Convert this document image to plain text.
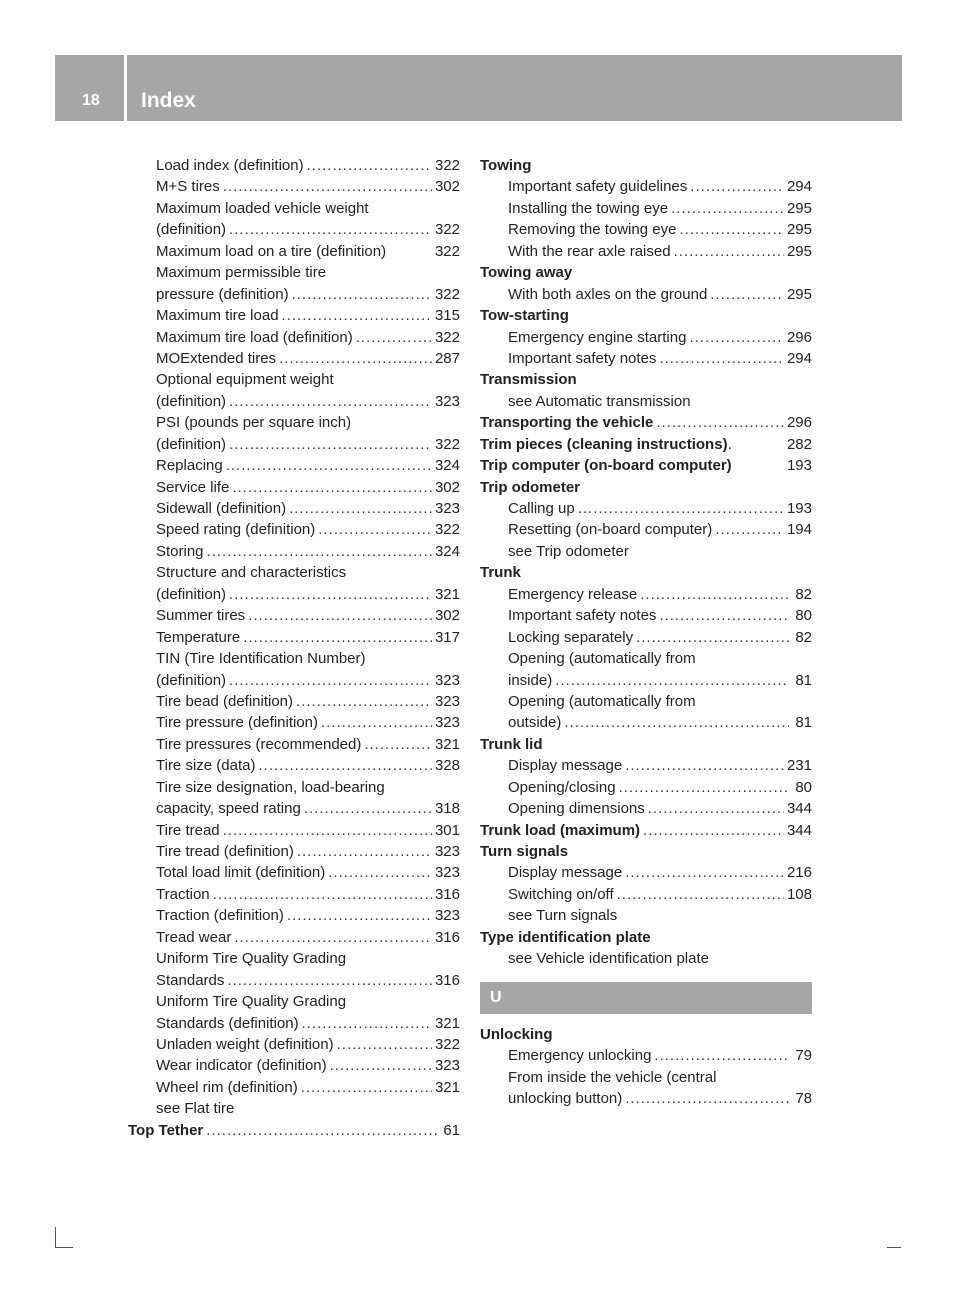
18 Index
Load index (definition) .....	322
M+S tires .....	302
Maximum loaded vehicle weight
(definition) .....	322
Maximum load on a tire (definition)	322
Maximum permissible tire
pressure (definition) .....	322
Maximum tire load .....	315
Maximum tire load (definition) .....	322
MOExtended tires .....	287
Optional equipment weight
(definition) .....	323
PSI (pounds per square inch)
(definition) .....	322
Replacing .....	324
Service life .....	302
Sidewall (definition) .....	323
Speed rating (definition) .....	322
Storing .....	324
Structure and characteristics
(definition) .....	321
Summer tires .....	302
Temperature .....	317
TIN (Tire Identification Number)
(definition) .....	323
Tire bead (definition) .....	323
Tire pressure (definition) .....	323
Tire pressures (recommended) .....	321
Tire size (data) .....	328
Tire size designation, load-bearing
capacity, speed rating .....	318
Tire tread .....	301
Tire tread (definition) .....	323
Total load limit (definition) .....	323
Traction .....	316
Traction (definition) .....	323
Tread wear .....	316
Uniform Tire Quality Grading
Standards .....	316
Uniform Tire Quality Grading
Standards (definition) .....	321
Unladen weight (definition) .....	322
Wear indicator (definition) .....	323
Wheel rim (definition) .....	321
see Flat tire
Top Tether .....	61
Towing
Important safety guidelines .....	294
Installing the towing eye .....	295
Removing the towing eye .....	295
With the rear axle raised .....	295
Towing away
With both axles on the ground .....	295
Tow-starting
Emergency engine starting .....	296
Important safety notes .....	294
Transmission
see Automatic transmission
Transporting the vehicle .....	296
Trim pieces (cleaning instructions) .	282
Trip computer (on-board computer)	193
Trip odometer
Calling up .....	193
Resetting (on-board computer) .....	194
see Trip odometer
Trunk
Emergency release .....	82
Important safety notes .....	80
Locking separately .....	82
Opening (automatically from
inside) .....	81
Opening (automatically from
outside) .....	81
Trunk lid
Display message .....	231
Opening/closing .....	80
Opening dimensions .....	344
Trunk load (maximum) .....	344
Turn signals
Display message .....	216
Switching on/off .....	108
see Turn signals
Type identification plate
see Vehicle identification plate
U
Unlocking
Emergency unlocking .....	79
From inside the vehicle (central
unlocking button) .....	78
